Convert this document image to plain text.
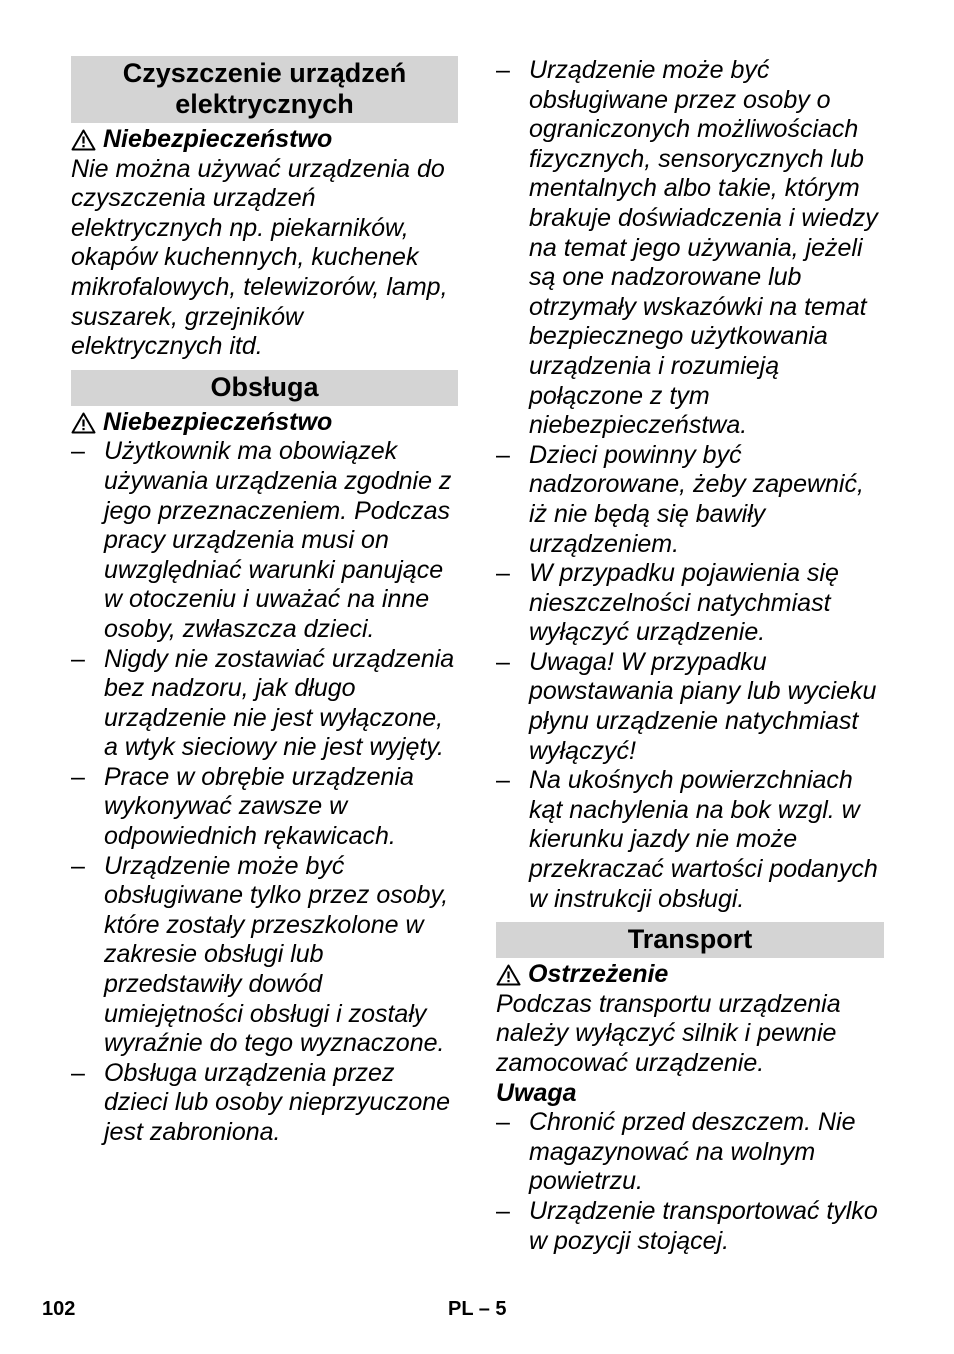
Czyszczenie urządzeń elektrycznych
Niebezpieczeństwo

Nie można używać urządzenia do czyszczenia urządzeń elektrycznych np. piekarników, okapów kuchennych, kuchenek mikrofalowych, telewizorów, lamp, suszarek, grzejników elektrycznych itd.

Obsługa
Niebezpieczeństwo
– Użytkownik ma obowiązek używania urządzenia zgodnie z jego przeznaczeniem. Podczas pracy urządzenia musi on uwzględniać warunki panujące w otoczeniu i uważać na inne osoby, zwłaszcza dzieci.
– Nigdy nie zostawiać urządzenia bez nadzoru, jak długo urządzenie nie jest wyłączone, a wtyk sieciowy nie jest wyjęty.
– Prace w obrębie urządzenia wykonywać zawsze w odpowiednich rękawicach.
– Urządzenie może być obsługiwane tylko przez osoby, które zostały przeszkolone w zakresie obsługi lub przedstawiły dowód umiejętności obsługi i zostały wyraźnie do tego wyznaczone.
– Obsługa urządzenia przez dzieci lub osoby nieprzyuczone jest zabroniona.
– Urządzenie może być obsługiwane przez osoby o ograniczonych możliwościach fizycznych, sensorycznych lub mentalnych albo takie, którym brakuje doświadczenia i wiedzy na temat jego używania, jeżeli są one nadzorowane lub otrzymały wskazówki na temat bezpiecznego użytkowania urządzenia i rozumieją połączone z tym niebezpieczeństwa.
– Dzieci powinny być nadzorowane, żeby zapewnić, iż nie będą się bawiły urządzeniem.
– W przypadku pojawienia się nieszczelności natychmiast wyłączyć urządzenie.
– Uwaga! W przypadku powstawania piany lub wycieku płynu urządzenie natychmiast wyłączyć!
– Na ukośnych powierzchniach kąt nachylenia na bok wzgl. w kierunku jazdy nie może przekraczać wartości podanych w instrukcji obsługi.
Transport
Ostrzeżenie

Podczas transportu urządzenia należy wyłączyć silnik i pewnie zamocować urządzenie.

Uwaga
– Chronić przed deszczem. Nie magazynować na wolnym powietrzu.
– Urządzenie transportować tylko w pozycji stojącej.
102	PL – 5
